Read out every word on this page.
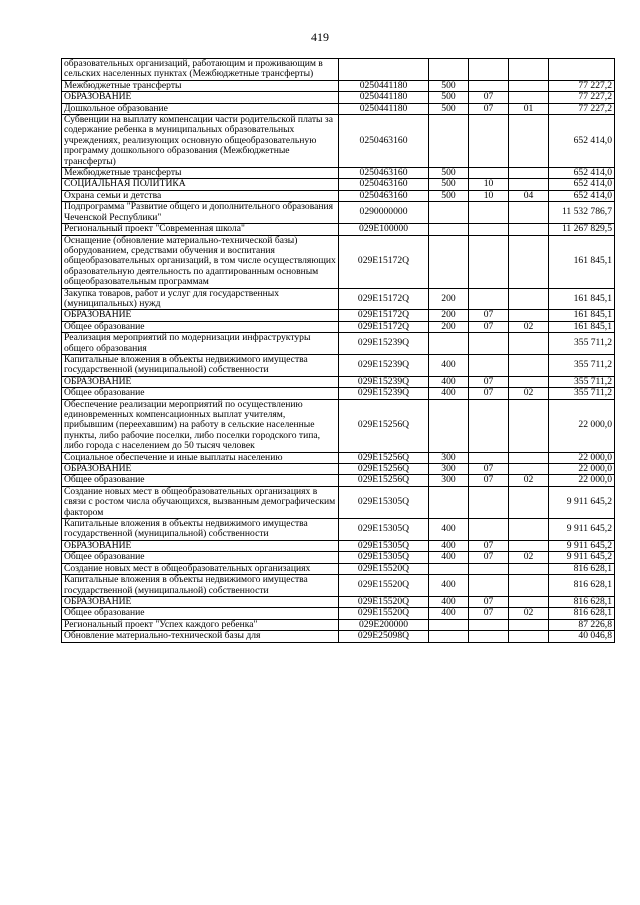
419
образовательных организаций, работающим и проживающим в сельских населенных пунктах (Межбюджетные трансферты)					
Межбюджетные трансферты	0250441180	500			77 227,2
ОБРАЗОВАНИЕ	0250441180	500	07		77 227,2
Дошкольное образование	0250441180	500	07	01	77 227,2
Субвенции на выплату компенсации части родительской платы за содержание ребенка в муниципальных образовательных учреждениях, реализующих основную общеобразовательную программу дошкольного образования (Межбюджетные трансферты)	0250463160				652 414,0
Межбюджетные трансферты	0250463160	500			652 414,0
СОЦИАЛЬНАЯ ПОЛИТИКА	0250463160	500	10		652 414,0
Охрана семьи и детства	0250463160	500	10	04	652 414,0
Подпрограмма "Развитие общего и дополнительного образования Чеченской Республики"	0290000000				11 532 786,7
Региональный проект "Современная школа"	029E100000				11 267 829,5
Оснащение (обновление материально-технической базы) оборудованием, средствами обучения и воспитания общеобразовательных организаций, в том числе осуществляющих образовательную деятельность по адаптированным основным общеобразовательным программам	029E15172Q				161 845,1
Закупка товаров, работ и услуг для государственных (муниципальных) нужд	029E15172Q	200			161 845,1
ОБРАЗОВАНИЕ	029E15172Q	200	07		161 845,1
Общее образование	029E15172Q	200	07	02	161 845,1
Реализация мероприятий по модернизации инфраструктуры общего образования	029E15239Q				355 711,2
Капитальные вложения в объекты недвижимого имущества государственной (муниципальной) собственности	029E15239Q	400			355 711,2
ОБРАЗОВАНИЕ	029E15239Q	400	07		355 711,2
Общее образование	029E15239Q	400	07	02	355 711,2
Обеспечение реализации мероприятий по осуществлению единовременных компенсационных выплат учителям, прибывшим (переехавшим) на работу в сельские населенные пункты, либо рабочие поселки, либо поселки городского типа, либо города с населением до 50 тысяч человек	029E15256Q				22 000,0
Социальное обеспечение и иные выплаты населению	029E15256Q	300			22 000,0
ОБРАЗОВАНИЕ	029E15256Q	300	07		22 000,0
Общее образование	029E15256Q	300	07	02	22 000,0
Создание новых мест в общеобразовательных организациях в связи с ростом числа обучающихся, вызванным демографическим фактором	029E15305Q				9 911 645,2
Капитальные вложения в объекты недвижимого имущества государственной (муниципальной) собственности	029E15305Q	400			9 911 645,2
ОБРАЗОВАНИЕ	029E15305Q	400	07		9 911 645,2
Общее образование	029E15305Q	400	07	02	9 911 645,2
Создание новых мест в общеобразовательных организациях	029E15520Q				816 628,1
Капитальные вложения в объекты недвижимого имущества государственной (муниципальной) собственности	029E15520Q	400			816 628,1
ОБРАЗОВАНИЕ	029E15520Q	400	07		816 628,1
Общее образование	029E15520Q	400	07	02	816 628,1
Региональный проект "Успех каждого ребенка"	029E200000				87 226,8
Обновление материально-технической базы для	029E25098Q				40 046,8
